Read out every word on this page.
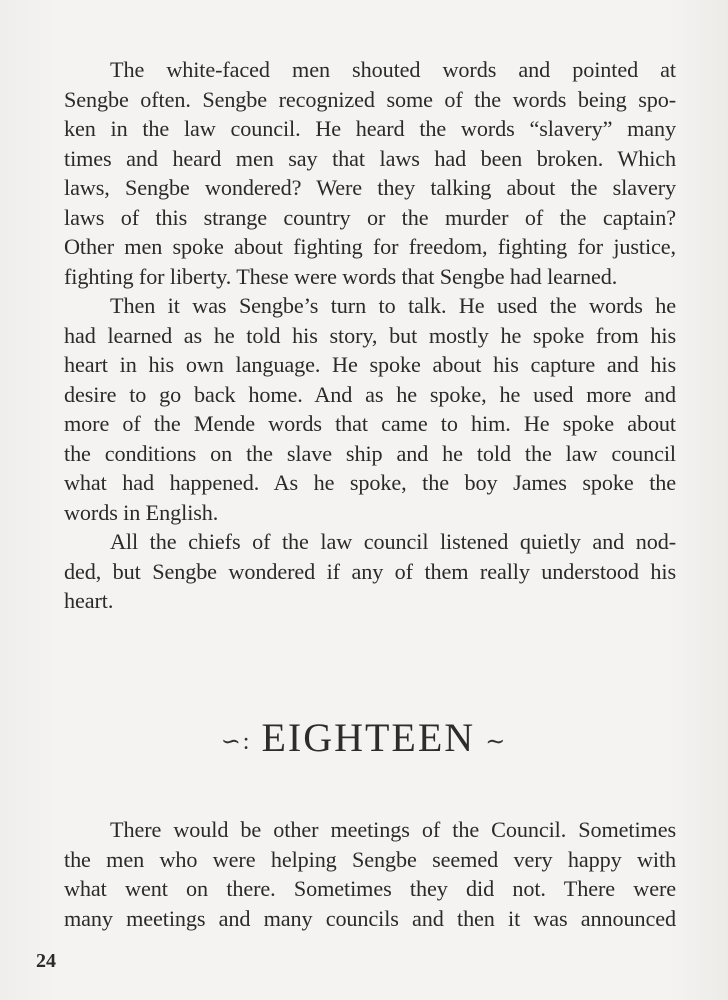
The white-faced men shouted words and pointed at
Sengbe often. Sengbe recognized some of the words being spo-
ken in the law council. He heard the words “slavery” many
times and heard men say that laws had been broken. Which
laws, Sengbe wondered? Were they talking about the slavery
laws of this strange country or the murder of the captain?
Other men spoke about fighting for freedom, fighting for justice,
fighting for liberty. These were words that Sengbe had learned.
Then it was Sengbe’s turn to talk. He used the words he
had learned as he told his story, but mostly he spoke from his
heart in his own language. He spoke about his capture and his
desire to go back home. And as he spoke, he used more and
more of the Mende words that came to him. He spoke about
the conditions on the slave ship and he told the law council
what had happened. As he spoke, the boy James spoke the
words in English.
All the chiefs of the law council listened quietly and nod-
ded, but Sengbe wondered if any of them really understood his
heart.
∽: EIGHTEEN ∼
There would be other meetings of the Council. Sometimes
the men who were helping Sengbe seemed very happy with
what went on there. Sometimes they did not. There were
many meetings and many councils and then it was announced
24
